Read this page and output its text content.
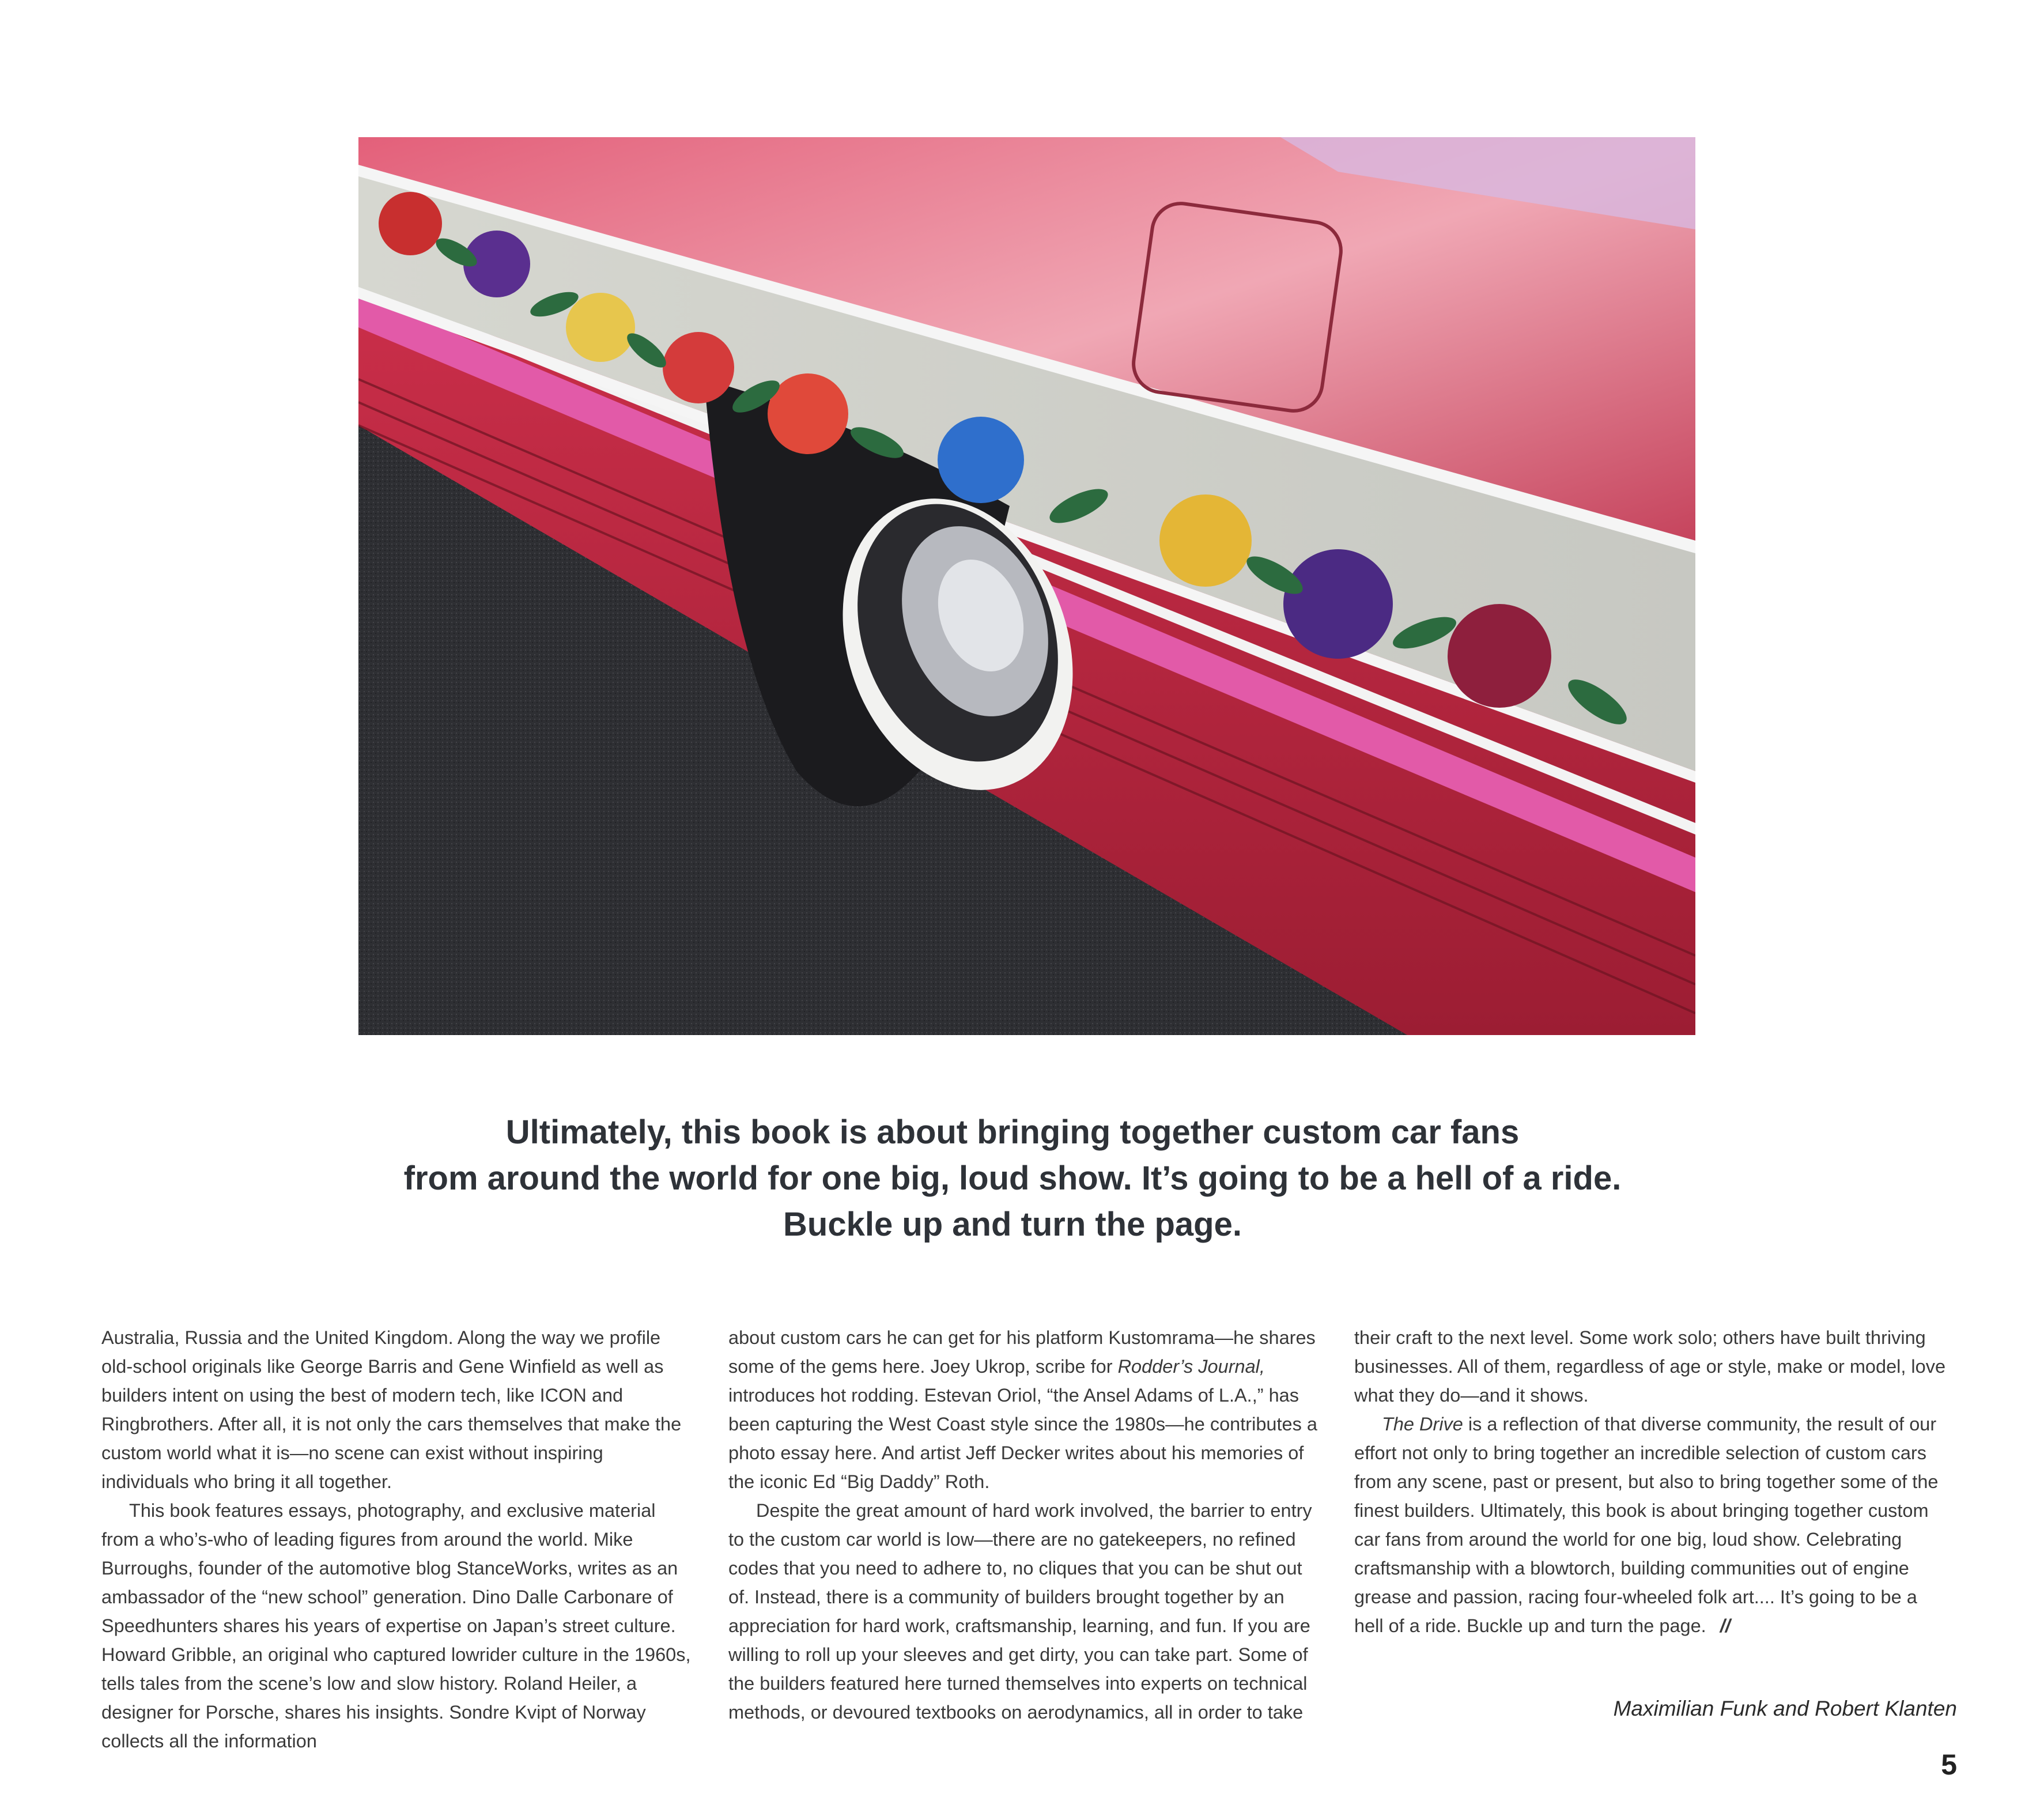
Ultimately, this book is about bringing together custom car fans
from around the world for one big, loud show. It’s going to be a hell of a ride.
Buckle up and turn the page.

Australia, Russia and the United Kingdom. Along the way we profile old-school originals like George Barris and Gene Winfield as well as builders intent on using the best of modern tech, like ICON and Ringbrothers. After all, it is not only the cars themselves that make the custom world what it is—no scene can exist without inspiring individuals who bring it all together.

This book features essays, photography, and exclusive material from a who’s-who of leading figures from around the world. Mike Burroughs, founder of the automotive blog StanceWorks, writes as an ambassador of the “new school” generation. Dino Dalle Carbonare of Speedhunters shares his years of expertise on Japan’s street culture. Howard Gribble, an original who captured lowrider culture in the 1960s, tells tales from the scene’s low and slow history. Roland Heiler, a designer for Porsche, shares his insights. Sondre Kvipt of Norway collects all the information

about custom cars he can get for his platform Kustomrama—he shares some of the gems here. Joey Ukrop, scribe for Rodder’s Journal, introduces hot rodding. Estevan Oriol, “the Ansel Adams of L.A.,” has been capturing the West Coast style since the 1980s—he contributes a photo essay here. And artist Jeff Decker writes about his memories of the iconic Ed “Big Daddy” Roth.

Despite the great amount of hard work involved, the barrier to entry to the custom car world is low—there are no gatekeepers, no refined codes that you need to adhere to, no cliques that you can be shut out of. Instead, there is a community of builders brought together by an appreciation for hard work, craftsmanship, learning, and fun. If you are willing to roll up your sleeves and get dirty, you can take part. Some of the builders featured here turned themselves into experts on technical methods, or devoured textbooks on aerodynamics, all in order to take

their craft to the next level. Some work solo; others have built thriving businesses. All of them, regardless of age or style, make or model, love what they do—and it shows.

The Drive is a reflection of that diverse community, the result of our effort not only to bring together an incredible selection of custom cars from any scene, past or present, but also to bring together some of the finest builders. Ultimately, this book is about bringing together custom car fans from around the world for one big, loud show. Celebrating craftsmanship with a blowtorch, building communities out of engine grease and passion, racing four-wheeled folk art.... It’s going to be a hell of a ride. Buckle up and turn the page. //

Maximilian Funk and Robert Klanten
5
